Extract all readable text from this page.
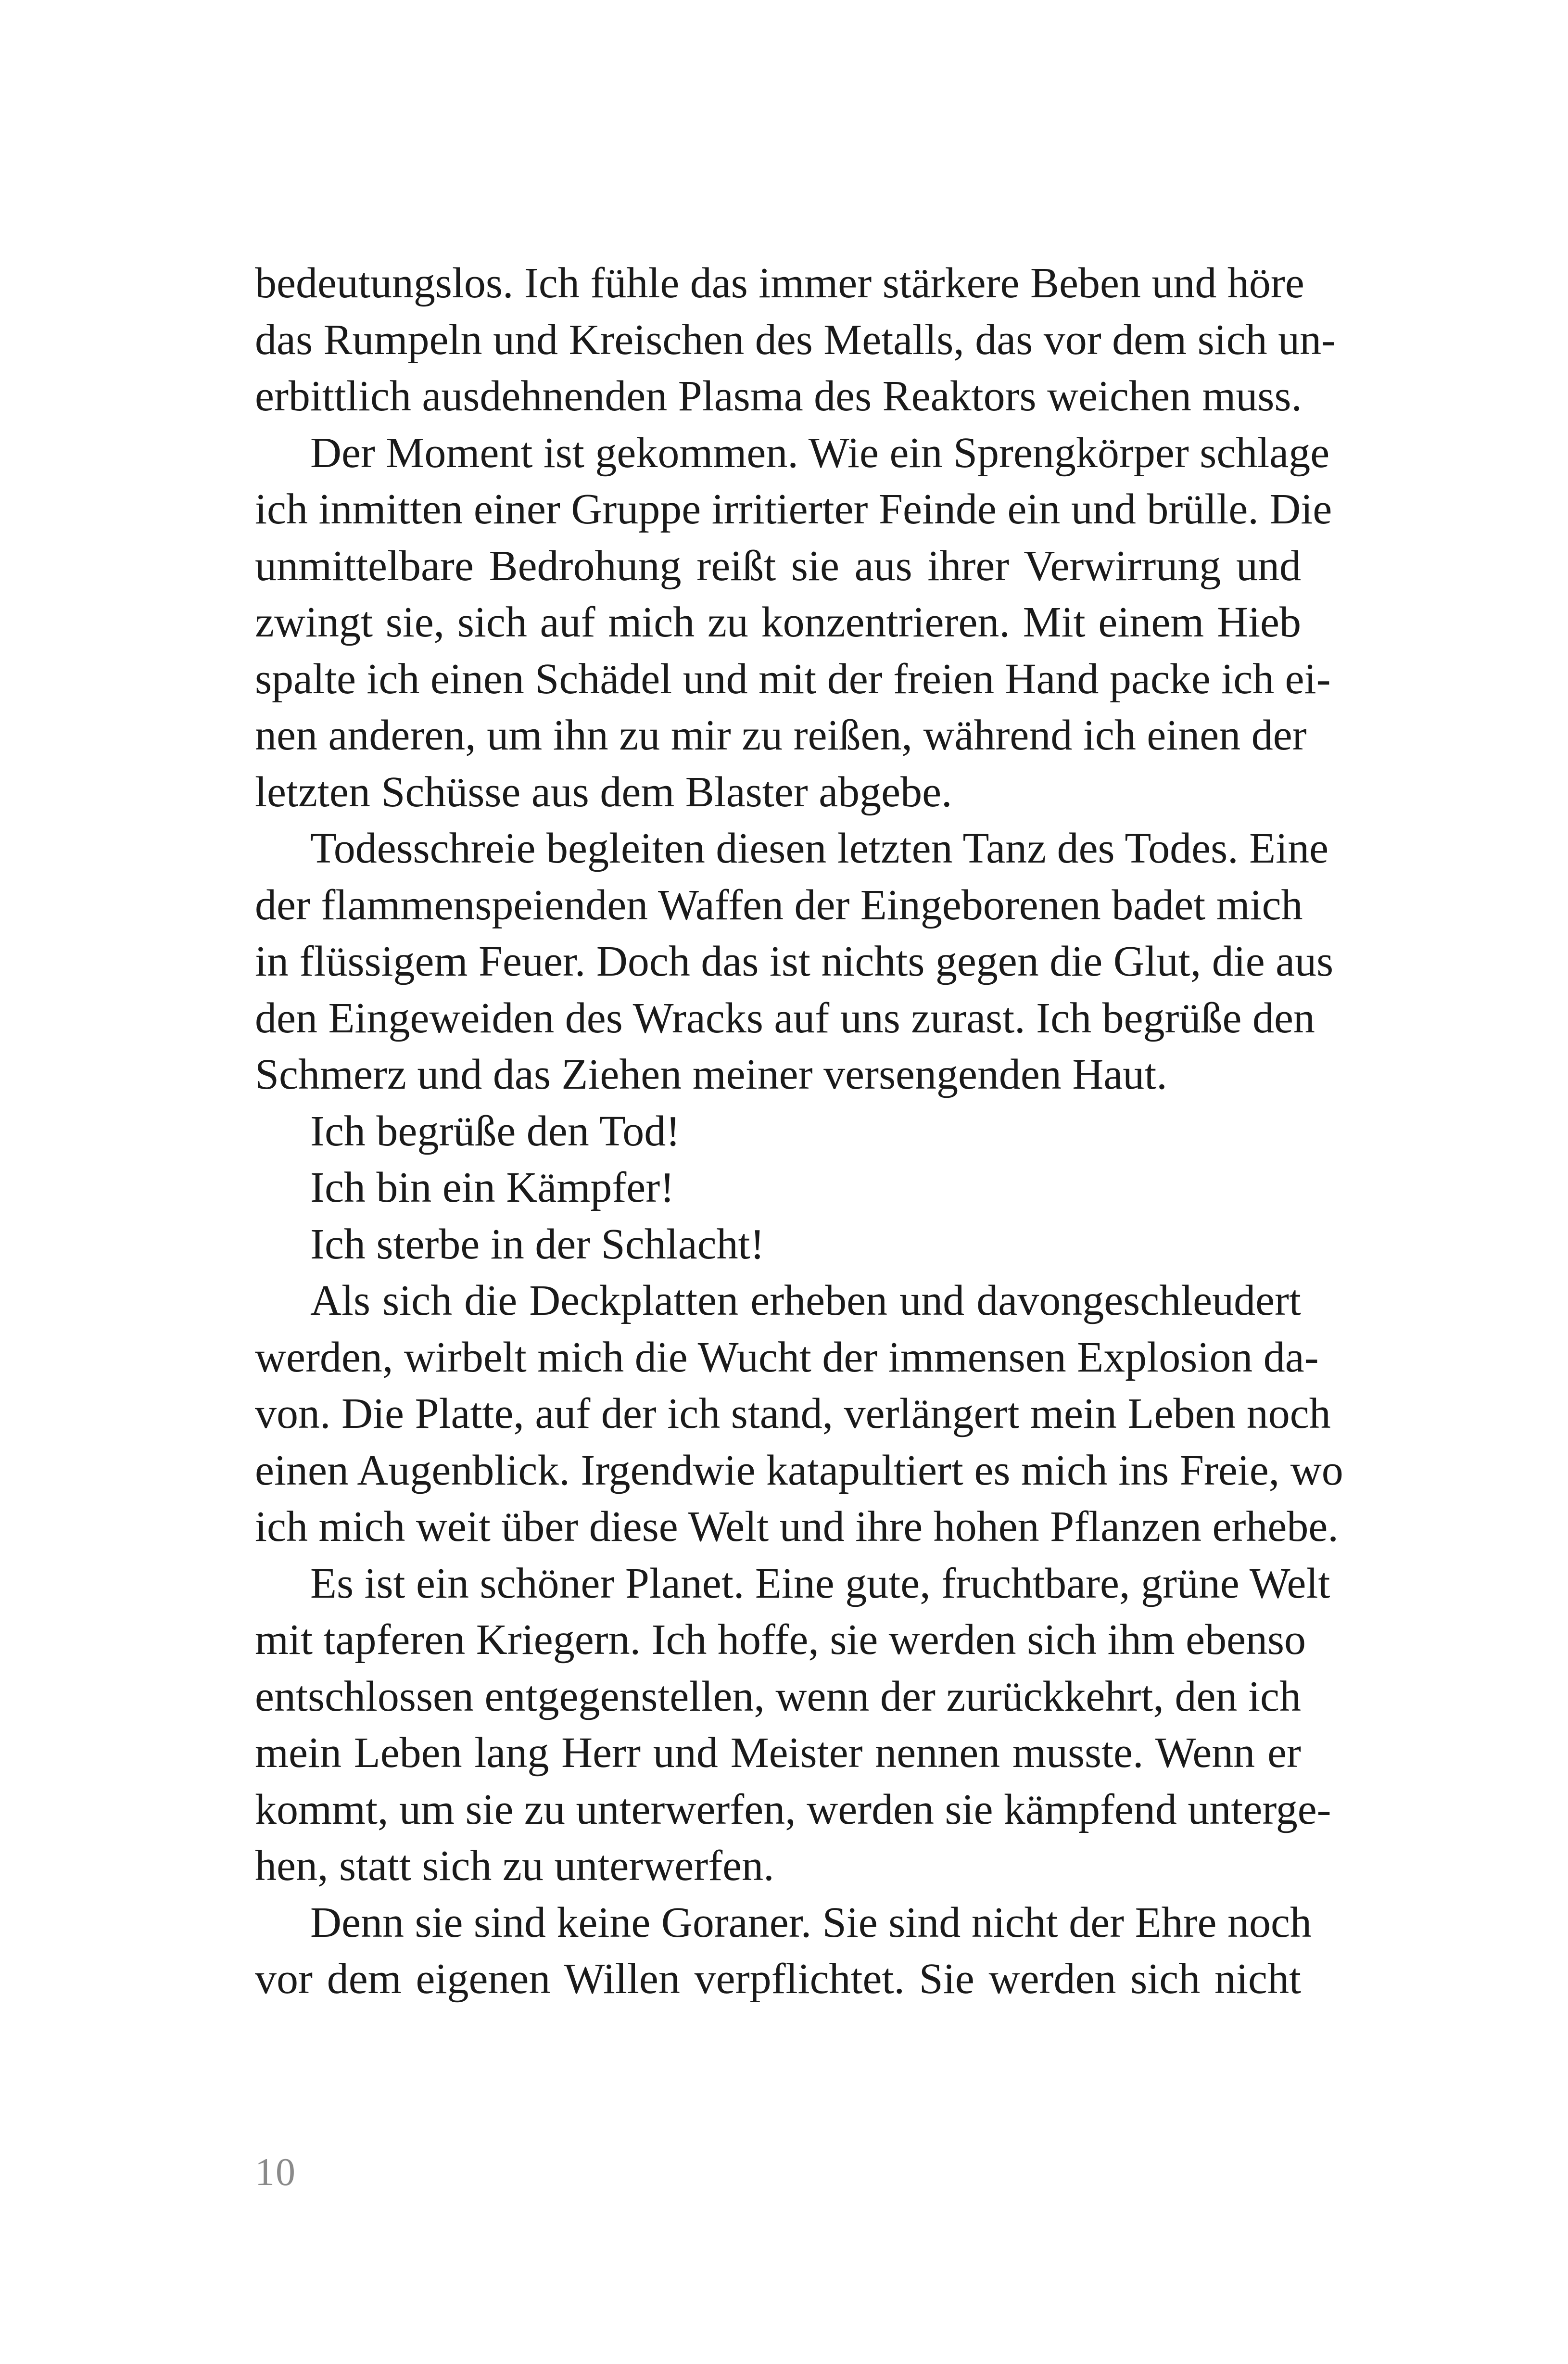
bedeutungslos. Ich fühle das immer stärkere Beben und höre
das Rumpeln und Kreischen des Metalls, das vor dem sich un-
erbittlich ausdehnenden Plasma des Reaktors weichen muss.
Der Moment ist gekommen. Wie ein Sprengkörper schlage
ich inmitten einer Gruppe irritierter Feinde ein und brülle. Die
unmittelbare Bedrohung reißt sie aus ihrer Verwirrung und
zwingt sie, sich auf mich zu konzentrieren. Mit einem Hieb
spalte ich einen Schädel und mit der freien Hand packe ich ei-
nen anderen, um ihn zu mir zu reißen, während ich einen der
letzten Schüsse aus dem Blaster abgebe.
Todesschreie begleiten diesen letzten Tanz des Todes. Eine
der flammenspeienden Waffen der Eingeborenen badet mich
in flüssigem Feuer. Doch das ist nichts gegen die Glut, die aus
den Eingeweiden des Wracks auf uns zurast. Ich begrüße den
Schmerz und das Ziehen meiner versengenden Haut.
Ich begrüße den Tod!
Ich bin ein Kämpfer!
Ich sterbe in der Schlacht!
Als sich die Deckplatten erheben und davongeschleudert
werden, wirbelt mich die Wucht der immensen Explosion da-
von. Die Platte, auf der ich stand, verlängert mein Leben noch
einen Augenblick. Irgendwie katapultiert es mich ins Freie, wo
ich mich weit über diese Welt und ihre hohen Pflanzen erhebe.
Es ist ein schöner Planet. Eine gute, fruchtbare, grüne Welt
mit tapferen Kriegern. Ich hoffe, sie werden sich ihm ebenso
entschlossen entgegenstellen, wenn der zurückkehrt, den ich
mein Leben lang Herr und Meister nennen musste. Wenn er
kommt, um sie zu unterwerfen, werden sie kämpfend unterge-
hen, statt sich zu unterwerfen.
Denn sie sind keine Goraner. Sie sind nicht der Ehre noch
vor dem eigenen Willen verpflichtet. Sie werden sich nicht
10
